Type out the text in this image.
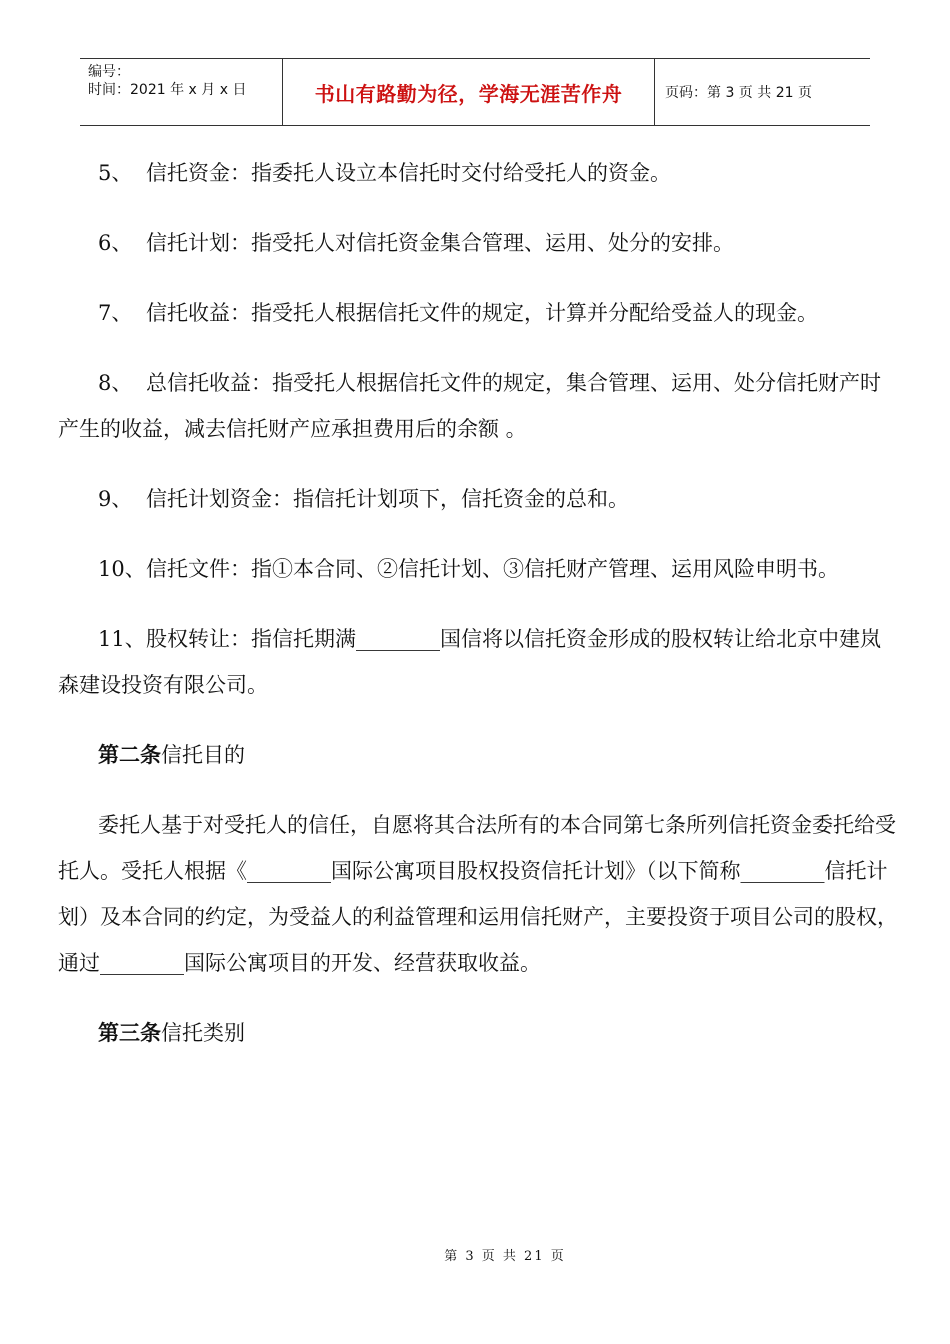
编号：
时间：2021 年 x 月 x 日	书山有路勤为径，学海无涯苦作舟	页码：第 3 页 共 21 页

5、 信托资金：指委托人设立本信托时交付给受托人的资金。

6、 信托计划：指受托人对信托资金集合管理、运用、处分的安排。

7、 信托收益：指受托人根据信托文件的规定，计算并分配给受益人的现金。

8、 总信托收益：指受托人根据信托文件的规定，集合管理、运用、处分信托财产时产生的收益，减去信托财产应承担费用后的余额 。

9、 信托计划资金：指信托计划项下，信托资金的总和。

10、信托文件：指①本合同、②信托计划、③信托财产管理、运用风险申明书。

11、股权转让：指信托期满________国信将以信托资金形成的股权转让给北京中建岚森建设投资有限公司。

第二条信托目的

委托人基于对受托人的信任，自愿将其合法所有的本合同第七条所列信托资金委托给受托人。受托人根据《________国际公寓项目股权投资信托计划》（以下简称________信托计划）及本合同的约定，为受益人的利益管理和运用信托财产，主要投资于项目公司的股权，通过________国际公寓项目的开发、经营获取收益。

第三条信托类别

第 3 页 共 21 页
